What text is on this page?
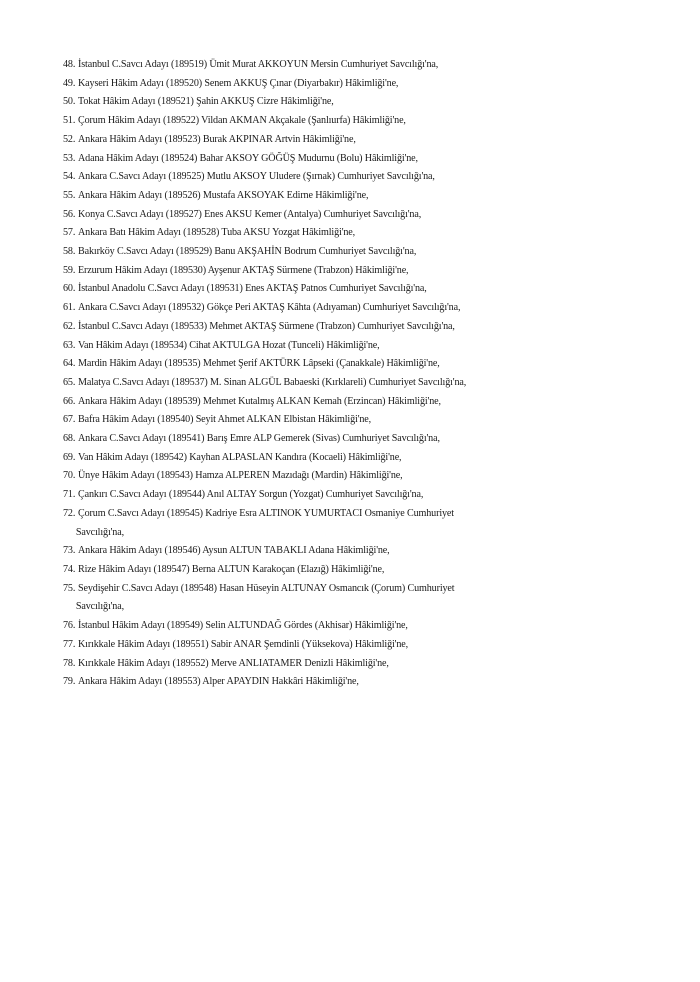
48. İstanbul C.Savcı Adayı (189519) Ümit Murat AKKOYUN Mersin Cumhuriyet Savcılığı'na,
49. Kayseri Hâkim Adayı (189520) Senem AKKUŞ Çınar (Diyarbakır) Hâkimliği'ne,
50. Tokat Hâkim Adayı (189521) Şahin AKKUŞ Cizre Hâkimliği'ne,
51. Çorum Hâkim Adayı (189522) Vildan AKMAN Akçakale (Şanlıurfa) Hâkimliği'ne,
52. Ankara Hâkim Adayı (189523) Burak AKPINAR Artvin Hâkimliği'ne,
53. Adana Hâkim Adayı (189524) Bahar AKSOY GÖĞÜŞ Mudurnu (Bolu) Hâkimliği'ne,
54. Ankara C.Savcı Adayı (189525) Mutlu AKSOY Uludere (Şırnak) Cumhuriyet Savcılığı'na,
55. Ankara Hâkim Adayı (189526) Mustafa AKSOYAK Edirne Hâkimliği'ne,
56. Konya C.Savcı Adayı (189527) Enes AKSU Kemer (Antalya) Cumhuriyet Savcılığı'na,
57. Ankara Batı Hâkim Adayı (189528) Tuba AKSU Yozgat Hâkimliği'ne,
58. Bakırköy C.Savcı Adayı (189529) Banu AKŞAHİN Bodrum Cumhuriyet Savcılığı'na,
59. Erzurum Hâkim Adayı (189530) Ayşenur AKTAŞ Sürmene (Trabzon) Hâkimliği'ne,
60. İstanbul Anadolu C.Savcı Adayı (189531) Enes AKTAŞ Patnos Cumhuriyet Savcılığı'na,
61. Ankara C.Savcı Adayı (189532) Gökçe Peri AKTAŞ Kâhta (Adıyaman) Cumhuriyet Savcılığı'na,
62. İstanbul C.Savcı Adayı (189533) Mehmet AKTAŞ Sürmene (Trabzon) Cumhuriyet Savcılığı'na,
63. Van Hâkim Adayı (189534) Cihat AKTULGA Hozat (Tunceli) Hâkimliği'ne,
64. Mardin Hâkim Adayı (189535) Mehmet Şerif AKTÜRK Lâpseki (Çanakkale) Hâkimliği'ne,
65. Malatya C.Savcı Adayı (189537) M. Sinan ALGÜL Babaeski (Kırklareli) Cumhuriyet Savcılığı'na,
66. Ankara Hâkim Adayı (189539) Mehmet Kutalmış ALKAN Kemah (Erzincan) Hâkimliği'ne,
67. Bafra Hâkim Adayı (189540) Seyit Ahmet ALKAN Elbistan Hâkimliği'ne,
68. Ankara C.Savcı Adayı (189541) Barış Emre ALP Gemerek (Sivas) Cumhuriyet Savcılığı'na,
69. Van Hâkim Adayı (189542) Kayhan ALPASLAN Kandıra (Kocaeli) Hâkimliği'ne,
70. Ünye Hâkim Adayı (189543) Hamza ALPEREN Mazıdağı (Mardin) Hâkimliği'ne,
71. Çankırı C.Savcı Adayı (189544) Anıl ALTAY Sorgun (Yozgat) Cumhuriyet Savcılığı'na,
72. Çorum C.Savcı Adayı (189545) Kadriye Esra ALTINOK YUMURTACI Osmaniye Cumhuriyet
Savcılığı'na,
73. Ankara Hâkim Adayı (189546) Aysun ALTUN TABAKLI Adana Hâkimliği'ne,
74. Rize Hâkim Adayı (189547) Berna ALTUN Karakoçan (Elazığ) Hâkimliği'ne,
75. Seydişehir C.Savcı Adayı (189548) Hasan Hüseyin ALTUNAY Osmancık (Çorum) Cumhuriyet
Savcılığı'na,
76. İstanbul Hâkim Adayı (189549) Selin ALTUNDAĞ Gördes (Akhisar) Hâkimliği'ne,
77. Kırıkkale Hâkim Adayı (189551) Sabir ANAR Şemdinli (Yüksekova) Hâkimliği'ne,
78. Kırıkkale Hâkim Adayı (189552) Merve ANLIATAMER Denizli Hâkimliği'ne,
79. Ankara Hâkim Adayı (189553) Alper APAYDIN Hakkâri Hâkimliği'ne,
